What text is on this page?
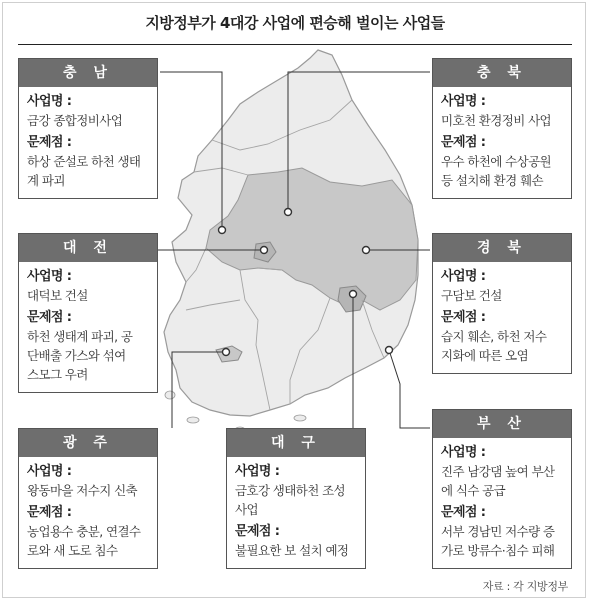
지방정부가 4대강 사업에 편승해 벌이는 사업들
충 남
사업명 :
금강 종합정비사업
문제점 :
하상 준설로 하천 생태
계 파괴
충 북
사업명 :
미호천 환경정비 사업
문제점 :
우수 하천에 수상공원
등 설치해 환경 훼손
대 전
사업명 :
대덕보 건설
문제점 :
하천 생태계 파괴, 공
단배출 가스와 섞여
스모그 우려
경 북
사업명 :
구담보 건설
문제점 :
습지 훼손, 하천 저수
지화에 따른 오염
광 주
사업명 :
왕동마을 저수지 신축
문제점 :
농업용수 충분, 연결수
로와 새 도로 침수
대 구
사업명 :
금호강 생태하천 조성
사업
문제점 :
불필요한 보 설치 예정
부 산
사업명 :
진주 남강댐 높여 부산
에 식수 공급
문제점 :
서부 경남민 저수량 증
가로 방류수·침수 피해
자료 : 각 지방정부
